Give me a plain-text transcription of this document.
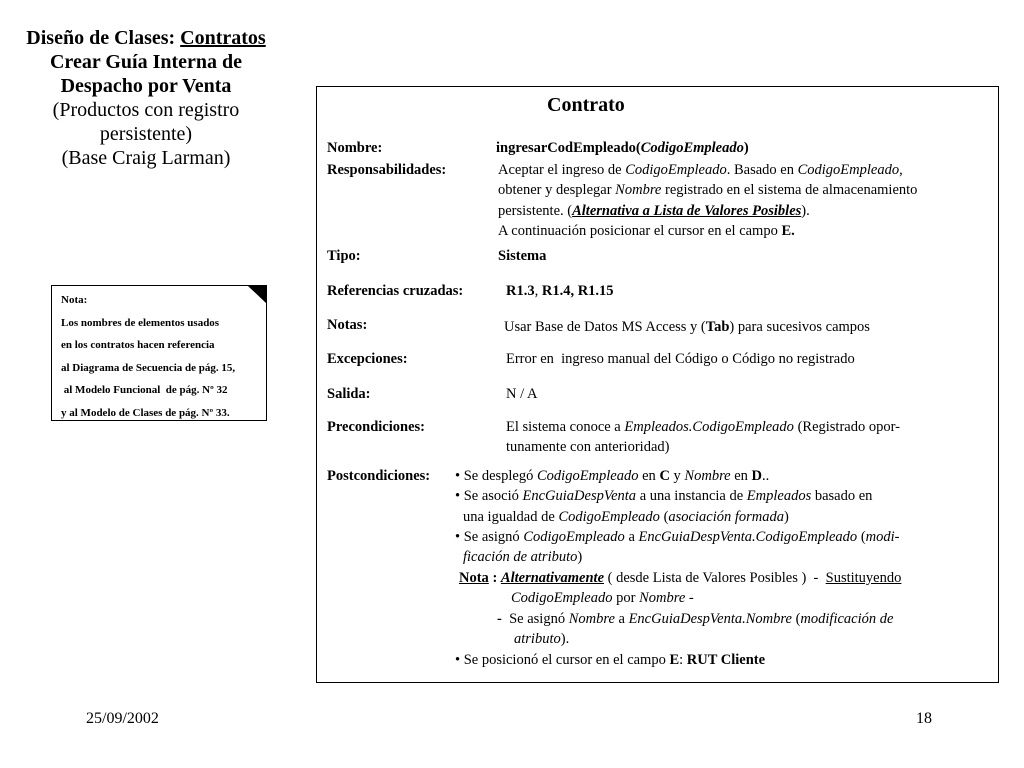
Diseño de Clases: Contratos
Crear Guía Interna de
Despacho por Venta
(Productos con registro
persistente)
(Base Craig Larman)
Nota:
Los nombres de elementos usados
en los contratos hacen referencia
al Diagrama de Secuencia de pág. 15,
al Modelo Funcional  de pág. Nº 32
y al Modelo de Clases de pág. Nº 33.
Contrato
Nombre:	ingresarCodEmpleado(CodigoEmpleado)
Responsabilidades:	Aceptar el ingreso de CodigoEmpleado. Basado en CodigoEmpleado,
obtener y desplegar Nombre registrado en el sistema de almacenamiento
persistente. (Alternativa a Lista de Valores Posibles).
A continuación posicionar el cursor en el campo E.
Tipo:	Sistema
Referencias cruzadas:	R1.3, R1.4, R1.15
Notas:	Usar Base de Datos MS Access y (Tab) para sucesivos campos
Excepciones:	Error en  ingreso manual del Código o Código no registrado
Salida:	N / A
Precondiciones:	El sistema conoce a Empleados.CodigoEmpleado (Registrado opor-
tunamente con anterioridad)
Postcondiciones: • Se desplegó CodigoEmpleado en C y Nombre en D..
• Se asoció EncGuiaDespVenta a una instancia de Empleados basado en
una igualdad de CodigoEmpleado (asociación formada)
• Se asignó CodigoEmpleado a EncGuiaDespVenta.CodigoEmpleado (modi-
ficación de atributo)
Nota : Alternativamente ( desde Lista de Valores Posibles )  -  Sustituyendo
CodigoEmpleado por Nombre -
-  Se asignó Nombre a EncGuiaDespVenta.Nombre (modificación de
atributo).
• Se posicionó el cursor en el campo E: RUT Cliente
25/09/2002	18
